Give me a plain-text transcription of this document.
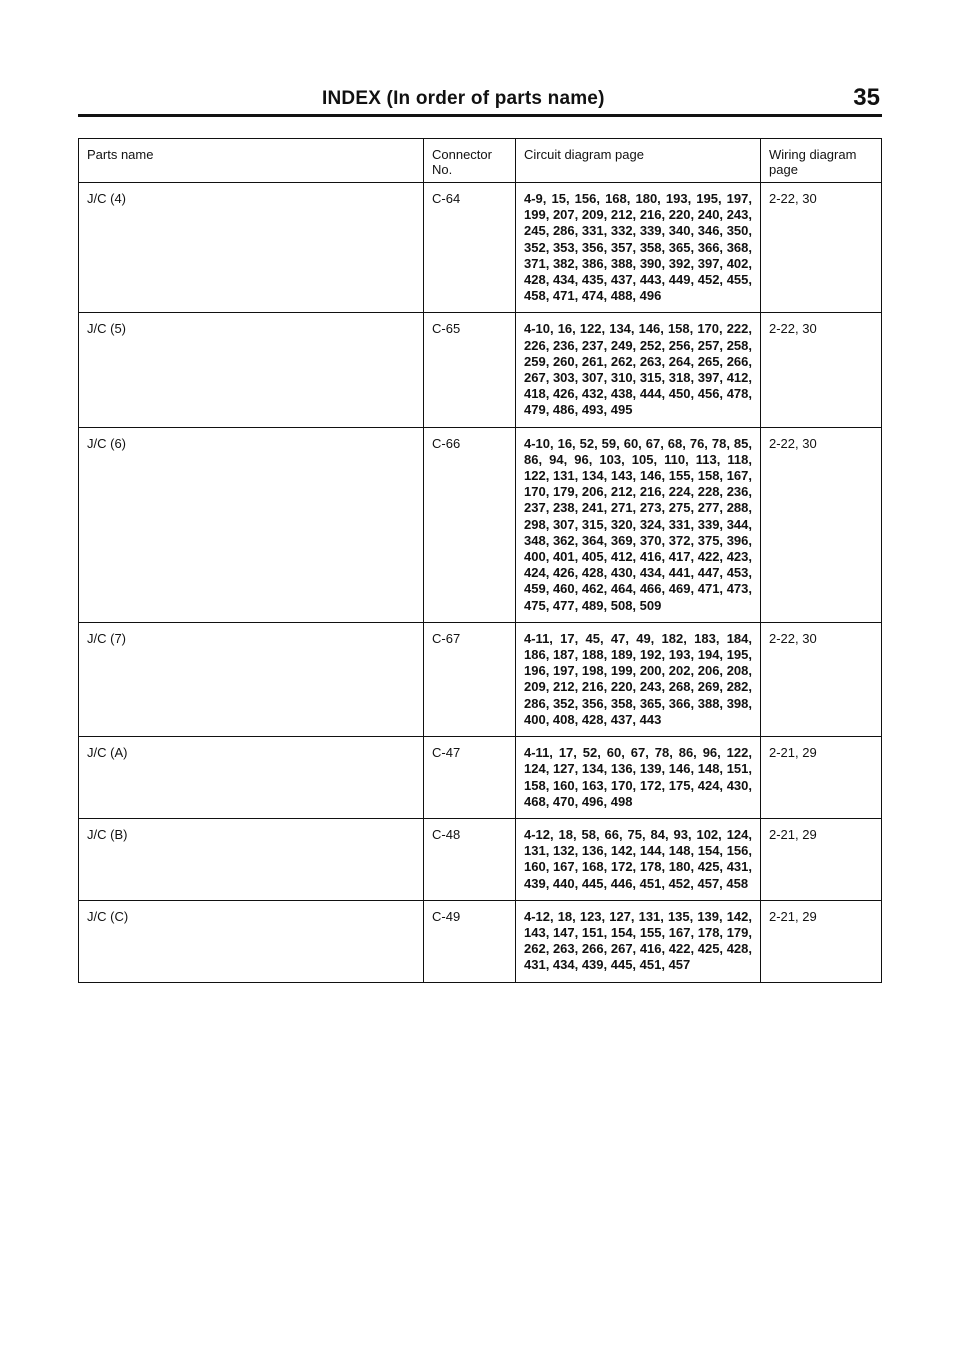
INDEX (In order of parts name)	35
Parts name	Connector No.	Circuit diagram page	Wiring diagram page
J/C (4)	C-64	4-9, 15, 156, 168, 180, 193, 195, 197, 199, 207, 209, 212, 216, 220, 240, 243, 245, 286, 331, 332, 339, 340, 346, 350, 352, 353, 356, 357, 358, 365, 366, 368, 371, 382, 386, 388, 390, 392, 397, 402, 428, 434, 435, 437, 443, 449, 452, 455, 458, 471, 474, 488, 496	2-22, 30
J/C (5)	C-65	4-10, 16, 122, 134, 146, 158, 170, 222, 226, 236, 237, 249, 252, 256, 257, 258, 259, 260, 261, 262, 263, 264, 265, 266, 267, 303, 307, 310, 315, 318, 397, 412, 418, 426, 432, 438, 444, 450, 456, 478, 479, 486, 493, 495	2-22, 30
J/C (6)	C-66	4-10, 16, 52, 59, 60, 67, 68, 76, 78, 85, 86, 94, 96, 103, 105, 110, 113, 118, 122, 131, 134, 143, 146, 155, 158, 167, 170, 179, 206, 212, 216, 224, 228, 236, 237, 238, 241, 271, 273, 275, 277, 288, 298, 307, 315, 320, 324, 331, 339, 344, 348, 362, 364, 369, 370, 372, 375, 396, 400, 401, 405, 412, 416, 417, 422, 423, 424, 426, 428, 430, 434, 441, 447, 453, 459, 460, 462, 464, 466, 469, 471, 473, 475, 477, 489, 508, 509	2-22, 30
J/C (7)	C-67	4-11, 17, 45, 47, 49, 182, 183, 184, 186, 187, 188, 189, 192, 193, 194, 195, 196, 197, 198, 199, 200, 202, 206, 208, 209, 212, 216, 220, 243, 268, 269, 282, 286, 352, 356, 358, 365, 366, 388, 398, 400, 408, 428, 437, 443	2-22, 30
J/C (A)	C-47	4-11, 17, 52, 60, 67, 78, 86, 96, 122, 124, 127, 134, 136, 139, 146, 148, 151, 158, 160, 163, 170, 172, 175, 424, 430, 468, 470, 496, 498	2-21, 29
J/C (B)	C-48	4-12, 18, 58, 66, 75, 84, 93, 102, 124, 131, 132, 136, 142, 144, 148, 154, 156, 160, 167, 168, 172, 178, 180, 425, 431, 439, 440, 445, 446, 451, 452, 457, 458	2-21, 29
J/C (C)	C-49	4-12, 18, 123, 127, 131, 135, 139, 142, 143, 147, 151, 154, 155, 167, 178, 179, 262, 263, 266, 267, 416, 422, 425, 428, 431, 434, 439, 445, 451, 457	2-21, 29
